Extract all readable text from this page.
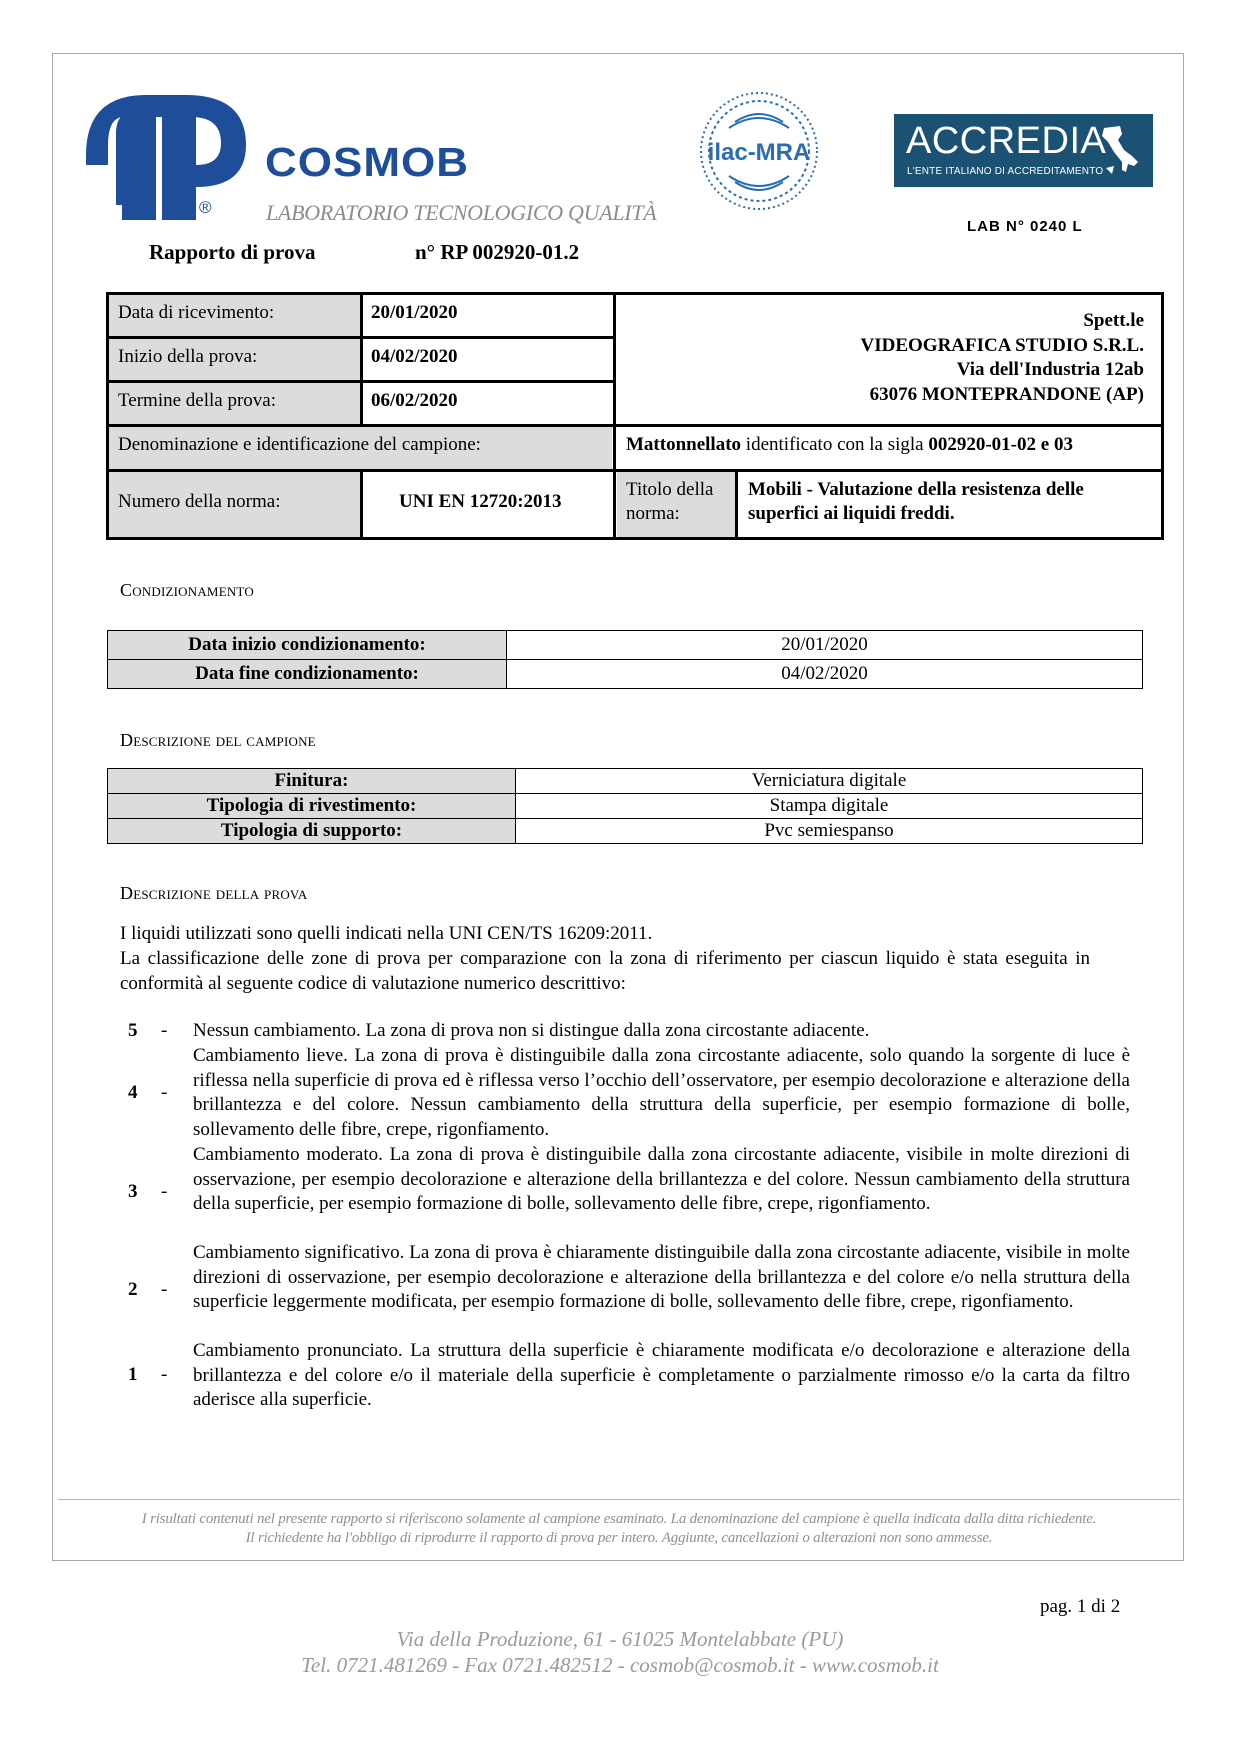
®
COSMOB
LABORATORIO TECNOLOGICO QUALITÀ
ilac-MRA	ACCREDIA
L'ENTE ITALIANO DI ACCREDITAMENTO
LAB N° 0240 L
Rapporto di prova	n° RP 002920-01.2
Data di ricevimento:	20/01/2020
Inizio della prova:	04/02/2020
Termine della prova:	06/02/2020
Spett.le
VIDEOGRAFICA STUDIO S.R.L.
Via dell'Industria 12ab
63076 MONTEPRANDONE (AP)
Denominazione e identificazione del campione:	Mattonnellato identificato con la sigla 002920-01-02 e 03
Numero della norma:	UNI EN 12720:2013
Titolo della norma:
Mobili - Valutazione della resistenza delle superfici ai liquidi freddi.
Condizionamento
Data inizio condizionamento:	20/01/2020
Data fine condizionamento:	04/02/2020
Descrizione del campione
Finitura:	Verniciatura digitale
Tipologia di rivestimento:	Stampa digitale
Tipologia di supporto:	Pvc semiespanso
Descrizione della prova
I liquidi utilizzati sono quelli indicati nella UNI CEN/TS 16209:2011.
La classificazione delle zone di prova per comparazione con la zona di riferimento per ciascun liquido è stata eseguita in conformità al seguente codice di valutazione numerico descrittivo:
5 - Nessun cambiamento. La zona di prova non si distingue dalla zona circostante adiacente.
4 -
Cambiamento lieve. La zona di prova è distinguibile dalla zona circostante adiacente, solo quando la sorgente di luce è riflessa nella superficie di prova ed è riflessa verso l’occhio dell’osservatore, per esempio decolorazione e alterazione della brillantezza e del colore. Nessun cambiamento della struttura della superficie, per esempio formazione di bolle, sollevamento delle fibre, crepe, rigonfiamento.
3 -
Cambiamento moderato. La zona di prova è distinguibile dalla zona circostante adiacente, visibile in molte direzioni di osservazione, per esempio decolorazione e alterazione della brillantezza e del colore. Nessun cambiamento della struttura della superficie, per esempio formazione di bolle, sollevamento delle fibre, crepe, rigonfiamento.
2 -
Cambiamento significativo. La zona di prova è chiaramente distinguibile dalla zona circostante adiacente, visibile in molte direzioni di osservazione, per esempio decolorazione e alterazione della brillantezza e del colore e/o nella struttura della superficie leggermente modificata, per esempio formazione di bolle, sollevamento delle fibre, crepe, rigonfiamento.
1 -
Cambiamento pronunciato. La struttura della superficie è chiaramente modificata e/o decolorazione e alterazione della brillantezza e del colore e/o il materiale della superficie è completamente o parzialmente rimosso e/o la carta da filtro aderisce alla superficie.
I risultati contenuti nel presente rapporto si riferiscono solamente al campione esaminato. La denominazione del campione è quella indicata dalla ditta richiedente.
Il richiedente ha l'obbligo di riprodurre il rapporto di prova per intero. Aggiunte, cancellazioni o alterazioni non sono ammesse.
pag. 1 di 2
Via della Produzione, 61 - 61025 Montelabbate (PU)
Tel. 0721.481269 - Fax 0721.482512 - cosmob@cosmob.it - www.cosmob.it
